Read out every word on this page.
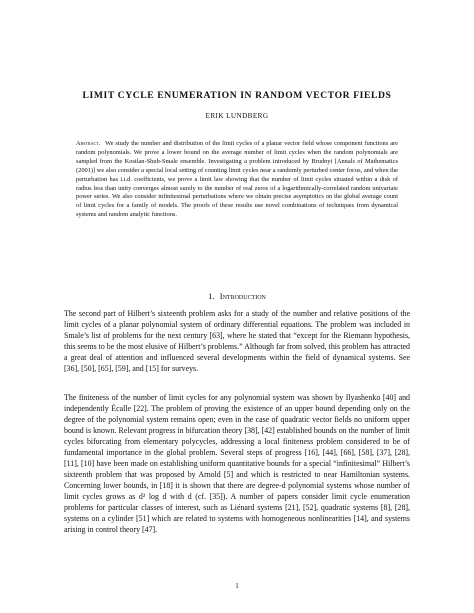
LIMIT CYCLE ENUMERATION IN RANDOM VECTOR FIELDS
ERIK LUNDBERG
Abstract. We study the number and distribution of the limit cycles of a planar vector field whose component functions are random polynomials. We prove a lower bound on the average number of limit cycles when the random polynomials are sampled from the Kostlan-Shub-Smale ensemble. Investigating a problem introduced by Brudnyi [Annals of Mathematics (2001)] we also consider a special local setting of counting limit cycles near a randomly perturbed center focus, and when the perturbation has i.i.d. coefficients, we prove a limit law showing that the number of limit cycles situated within a disk of radius less than unity converges almost surely to the number of real zeros of a logarithmically-correlated random univariate power series. We also consider infinitesimal perturbations where we obtain precise asymptotics on the global average count of limit cycles for a family of models. The proofs of these results use novel combinations of techniques from dynamical systems and random analytic functions.
1. Introduction
The second part of Hilbert’s sixteenth problem asks for a study of the number and relative positions of the limit cycles of a planar polynomial system of ordinary differential equations. The problem was included in Smale’s list of problems for the next century [63], where he stated that “except for the Riemann hypothesis, this seems to be the most elusive of Hilbert’s problems.” Although far from solved, this problem has attracted a great deal of attention and influenced several developments within the field of dynamical systems. See [36], [50], [65], [59], and [15] for surveys.
The finiteness of the number of limit cycles for any polynomial system was shown by Ilyashenko [40] and independently Écalle [22]. The problem of proving the existence of an upper bound depending only on the degree of the polynomial system remains open; even in the case of quadratic vector fields no uniform upper bound is known. Relevant progress in bifurcation theory [38], [42] established bounds on the number of limit cycles bifurcating from elementary polycycles, addressing a local finiteness problem considered to be of fundamental importance in the global problem. Several steps of progress [16], [44], [66], [58], [37], [28], [11], [10] have been made on establishing uniform quantitative bounds for a special “infinitesimal” Hilbert’s sixteenth problem that was proposed by Arnold [5] and which is restricted to near Hamiltonian systems. Concerning lower bounds, in [18] it is shown that there are degree-d polynomial systems whose number of limit cycles grows as d² log d with d (cf. [35]). A number of papers consider limit cycle enumeration problems for particular classes of interest, such as Liénard systems [21], [52], quadratic systems [8], [28], systems on a cylinder [51] which are related to systems with homogeneous nonlinearities [14], and systems arising in control theory [47].
1
